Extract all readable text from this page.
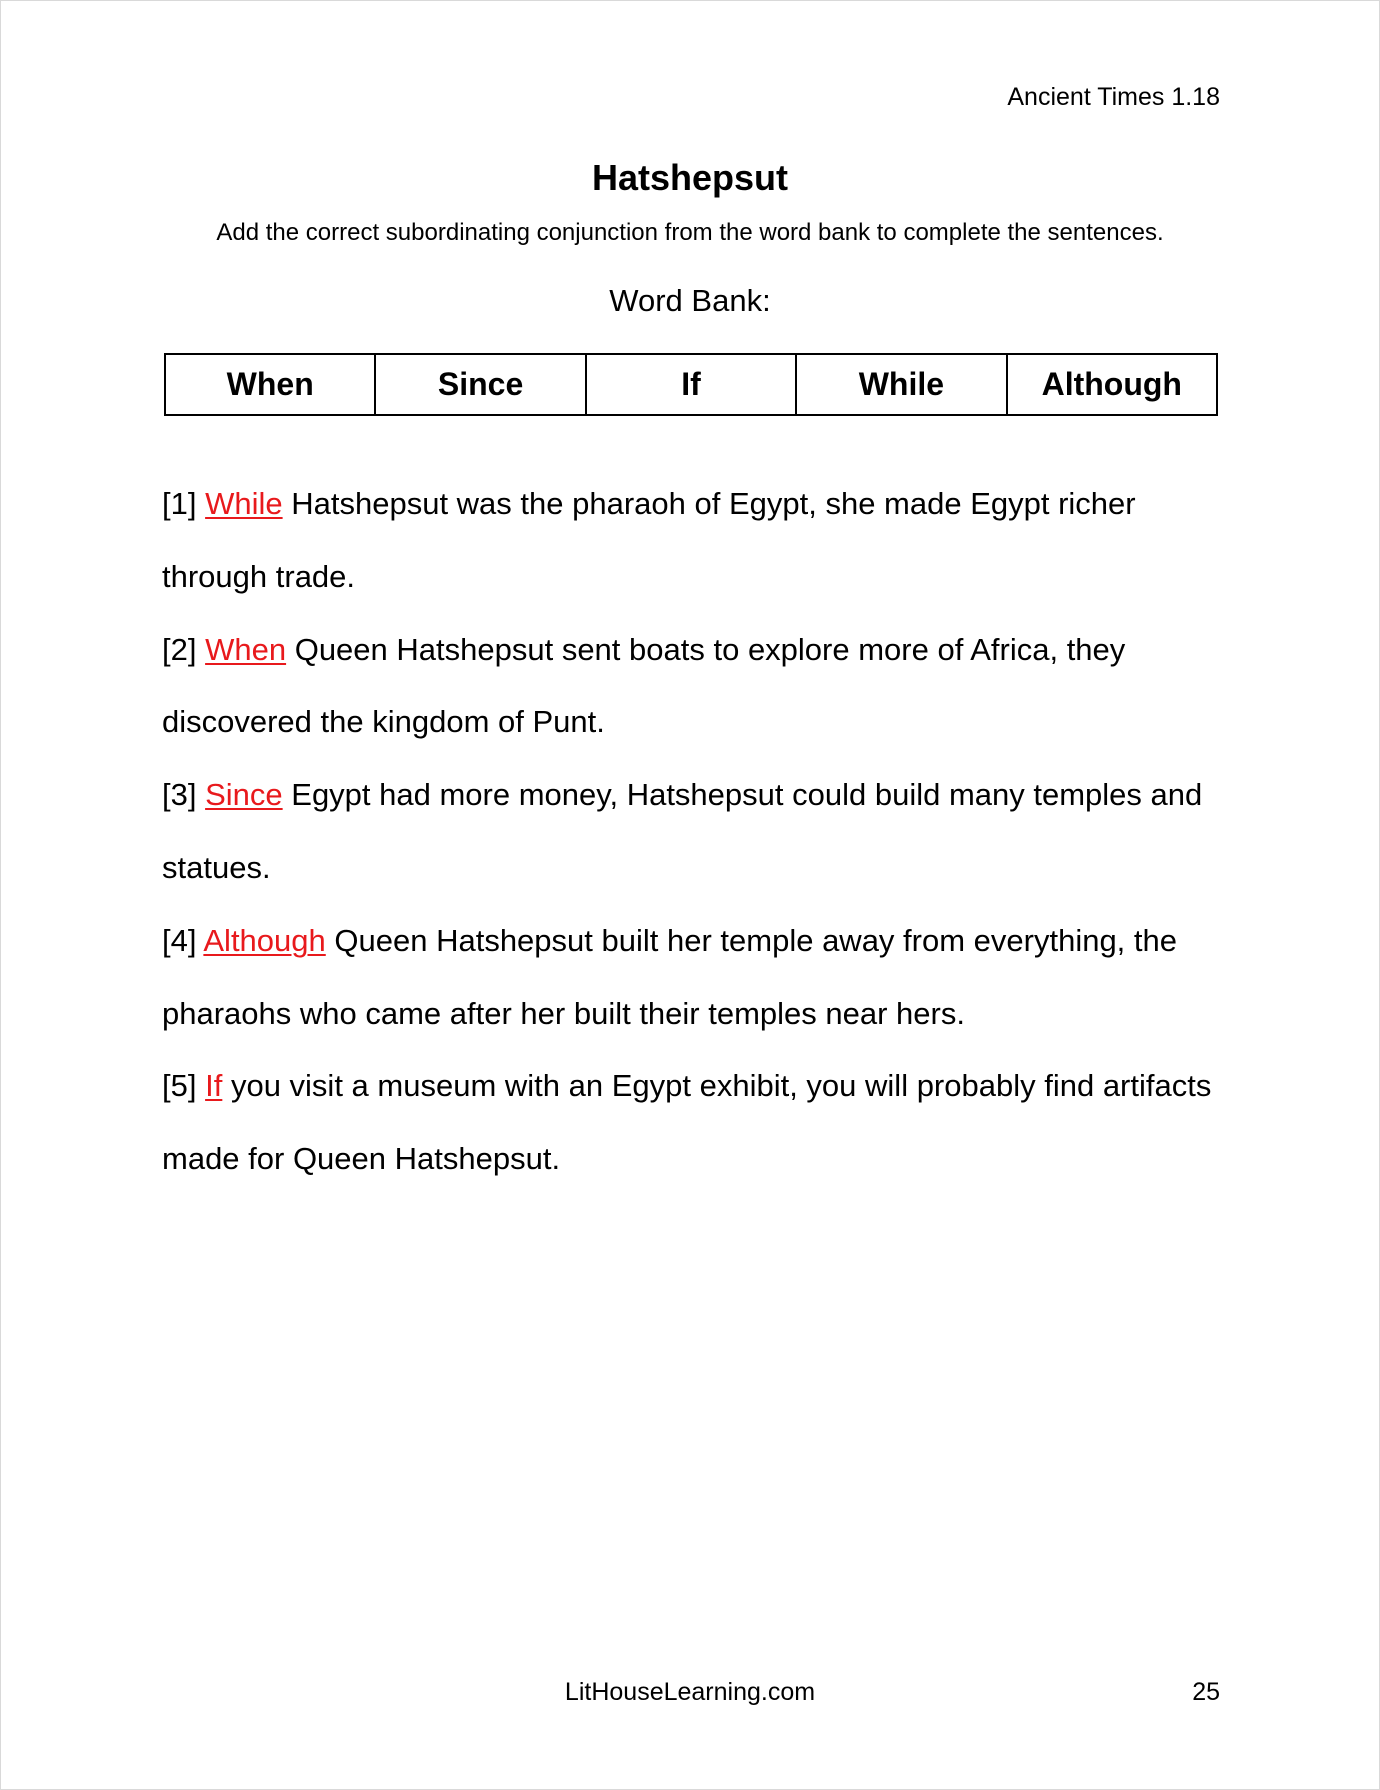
Ancient Times 1.18
Hatshepsut
Add the correct subordinating conjunction from the word bank to complete the sentences.
Word Bank:
When	Since	If	While	Although

[1] While Hatshepsut was the pharaoh of Egypt, she made Egypt richer through trade.

[2] When Queen Hatshepsut sent boats to explore more of Africa, they discovered the kingdom of Punt.

[3] Since Egypt had more money, Hatshepsut could build many temples and statues.

[4] Although Queen Hatshepsut built her temple away from everything, the pharaohs who came after her built their temples near hers.

[5] If you visit a museum with an Egypt exhibit, you will probably find artifacts made for Queen Hatshepsut.

LitHouseLearning.com	25
